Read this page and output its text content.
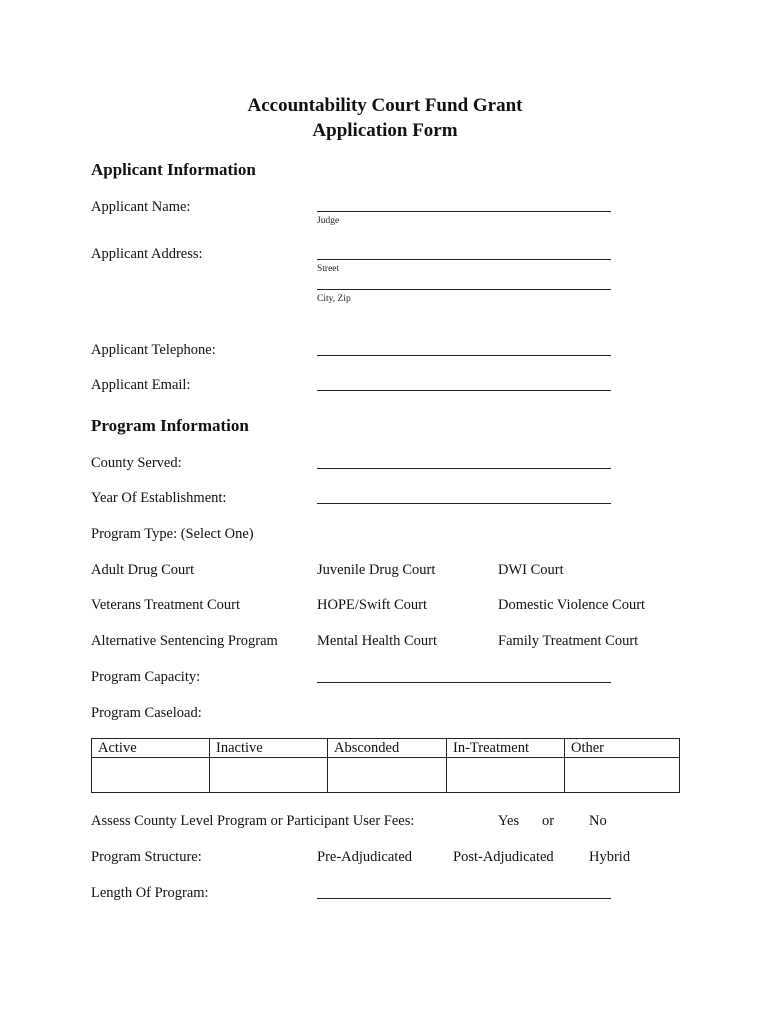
Accountability Court Fund Grant
Application Form
Applicant Information
Applicant Name:
Judge
Applicant Address:
Street
City, Zip
Applicant Telephone:
Applicant Email:
Program Information
County Served:
Year Of Establishment:
Program Type: (Select One)
Adult Drug Court	Juvenile Drug Court	DWI Court
Veterans Treatment Court	HOPE/Swift Court	Domestic Violence Court
Alternative Sentencing Program	Mental Health Court	Family Treatment Court
Program Capacity:
Program Caseload:
Active	Inactive	Absconded	In-Treatment	Other

Assess County Level Program or Participant User Fees:	Yes or No
Program Structure:	Pre-Adjudicated	Post-Adjudicated Hybrid
Length Of Program:
